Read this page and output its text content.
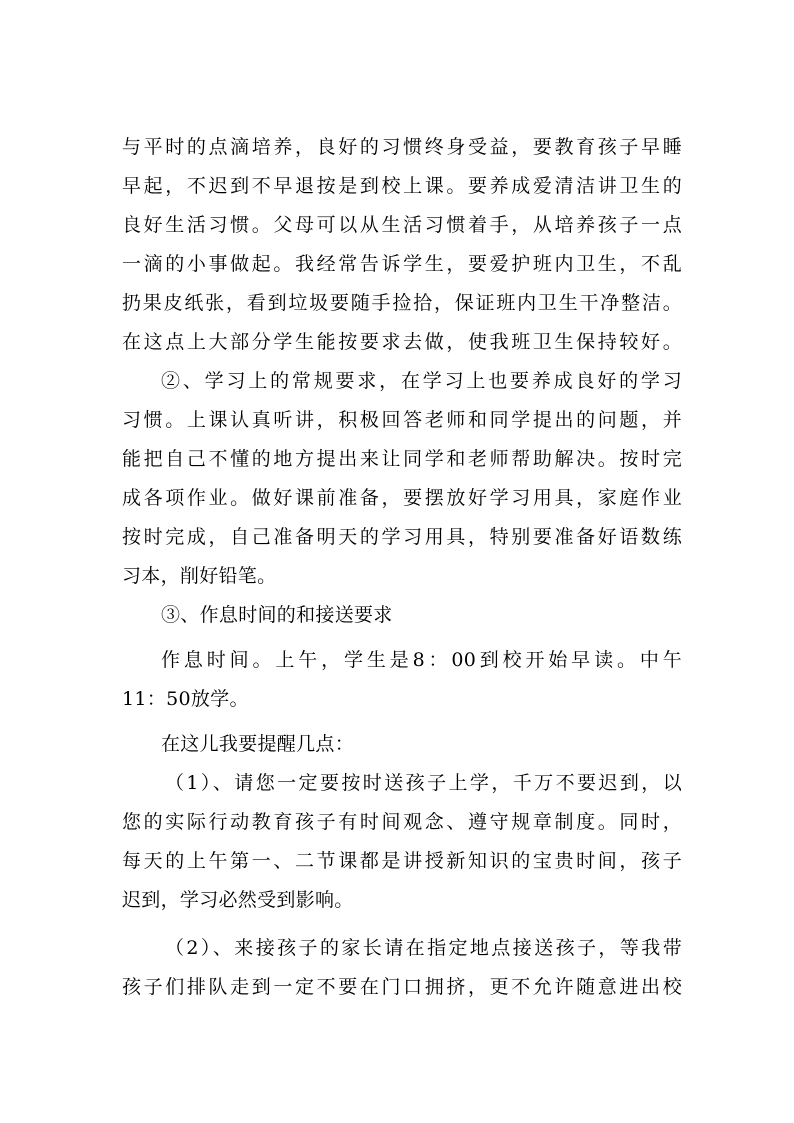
与平时的点滴培养，良好的习惯终身受益，要教育孩子早睡
早起，不迟到不早退按是到校上课。要养成爱清洁讲卫生的
良好生活习惯。父母可以从生活习惯着手，从培养孩子一点
一滴的小事做起。我经常告诉学生，要爱护班内卫生，不乱
扔果皮纸张，看到垃圾要随手捡拾，保证班内卫生干净整洁。
在这点上大部分学生能按要求去做，使我班卫生保持较好。
②、学习上的常规要求，在学习上也要养成良好的学习
习惯。上课认真听讲，积极回答老师和同学提出的问题，并
能把自己不懂的地方提出来让同学和老师帮助解决。按时完
成各项作业。做好课前准备，要摆放好学习用具，家庭作业
按时完成，自己准备明天的学习用具，特别要准备好语数练
习本，削好铅笔。
③、作息时间的和接送要求
作息时间。上午，学生是8：00到校开始早读。中午
11：50放学。
在这儿我要提醒几点：
（1）、请您一定要按时送孩子上学，千万不要迟到，以
您的实际行动教育孩子有时间观念、遵守规章制度。同时，
每天的上午第一、二节课都是讲授新知识的宝贵时间，孩子
迟到，学习必然受到影响。
（2）、来接孩子的家长请在指定地点接送孩子，等我带
孩子们排队走到一定不要在门口拥挤，更不允许随意进出校
